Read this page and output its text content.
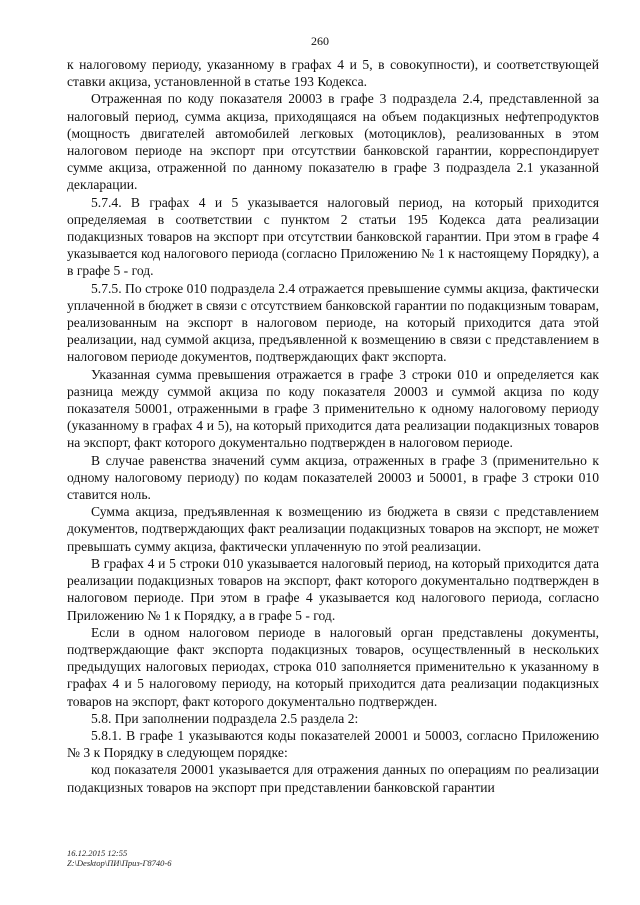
260

к налоговому периоду, указанному в графах 4 и 5, в совокупности), и соответствующей ставки акциза, установленной в статье 193 Кодекса.

Отраженная по коду показателя 20003 в графе 3 подраздела 2.4, представленной за налоговый период, сумма акциза, приходящаяся на объем подакцизных нефтепродуктов (мощность двигателей автомобилей легковых (мотоциклов), реализованных в этом налоговом периоде на экспорт при отсутствии банковской гарантии, корреспондирует сумме акциза, отраженной по данному показателю в графе 3 подраздела 2.1 указанной декларации.

5.7.4. В графах 4 и 5 указывается налоговый период, на который приходится определяемая в соответствии с пунктом 2 статьи 195 Кодекса дата реализации подакцизных товаров на экспорт при отсутствии банковской гарантии. При этом в графе 4 указывается код налогового периода (согласно Приложению № 1 к настоящему Порядку), а в графе 5 - год.

5.7.5. По строке 010 подраздела 2.4 отражается превышение суммы акциза, фактически уплаченной в бюджет в связи с отсутствием банковской гарантии по подакцизным товарам, реализованным на экспорт в налоговом периоде, на который приходится дата этой реализации, над суммой акциза, предъявленной к возмещению в связи с представлением в налоговом периоде документов, подтверждающих факт экспорта.

Указанная сумма превышения отражается в графе 3 строки 010 и определяется как разница между суммой акциза по коду показателя 20003 и суммой акциза по коду показателя 50001, отраженными в графе 3 применительно к одному налоговому периоду (указанному в графах 4 и 5), на который приходится дата реализации подакцизных товаров на экспорт, факт которого документально подтвержден в налоговом периоде.

В случае равенства значений сумм акциза, отраженных в графе 3 (применительно к одному налоговому периоду) по кодам показателей 20003 и 50001, в графе 3 строки 010 ставится ноль.

Сумма акциза, предъявленная к возмещению из бюджета в связи с представлением документов, подтверждающих факт реализации подакцизных товаров на экспорт, не может превышать сумму акциза, фактически уплаченную по этой реализации.

В графах 4 и 5 строки 010 указывается налоговый период, на который приходится дата реализации подакцизных товаров на экспорт, факт которого документально подтвержден в налоговом периоде. При этом в графе 4 указывается код налогового периода, согласно Приложению № 1 к Порядку, а в графе 5 - год.

Если в одном налоговом периоде в налоговый орган представлены документы, подтверждающие факт экспорта подакцизных товаров, осуществленный в нескольких предыдущих налоговых периодах, строка 010 заполняется применительно к указанному в графах 4 и 5 налоговому периоду, на который приходится дата реализации подакцизных товаров на экспорт, факт которого документально подтвержден.

5.8. При заполнении подраздела 2.5 раздела 2:

5.8.1. В графе 1 указываются коды показателей 20001 и 50003, согласно Приложению № 3 к Порядку в следующем порядке:

код показателя 20001 указывается для отражения данных по операциям по реализации подакцизных товаров на экспорт при представлении банковской гарантии

16.12.2015 12:55
Z:\Desktop\ПИ\Приз-Г8740-6
